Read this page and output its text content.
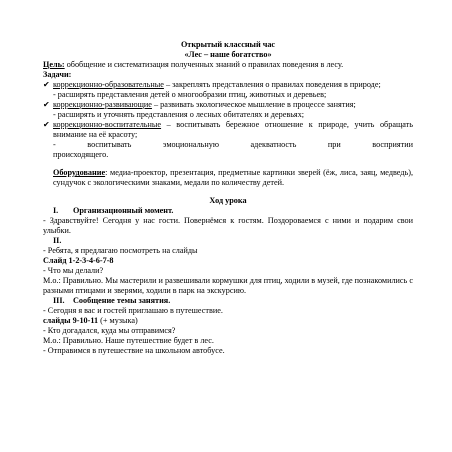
Открытый классный час
«Лес – наше богатство»
Цель: обобщение и систематизация полученных знаний о правилах поведения в лесу.
Задачи:
✔ коррекционно-образовательные – закреплять представления о правилах поведения в природе;
- расширять представления детей о многообразии птиц, животных и деревьев;
✔ коррекционно-развивающие – развивать экологическое мышление в процессе занятия;
- расширять и уточнять представления о лесных обитателях и деревьях;
✔ коррекционно-воспитательные – воспитывать бережное отношение к природе, учить обращать внимание на её красоту;
-	воспитывать	эмоциональную	адекватность	при	восприятии
происходящего.
Оборудование: медиа-проектор, презентация, предметные картинки зверей (ёж, лиса, заяц, медведь), сундучок с экологическими знаками, медали по количеству детей.
Ход урока
I. Организационный момент.
- Здравствуйте! Сегодня у нас гости. Повернёмся к гостям. Поздороваемся с ними и подарим свои улыбки.
II.
- Ребята, я предлагаю посмотреть на слайды
Слайд 1-2-3-4-6-7-8
- Что мы делали?
М.о.: Правильно. Мы мастерили и развешивали кормушки для птиц, ходили в музей, где познакомились с разными птицами и зверями, ходили в парк на экскурсию.
III. Сообщение темы занятия.
- Сегодня я вас и гостей приглашаю в путешествие.
слайды 9-10-11 (+ музыка)
- Кто догадался, куда мы отправимся?
М.о.: Правильно. Наше путешествие будет в лес.
- Отправимся в путешествие на школьном автобусе.
